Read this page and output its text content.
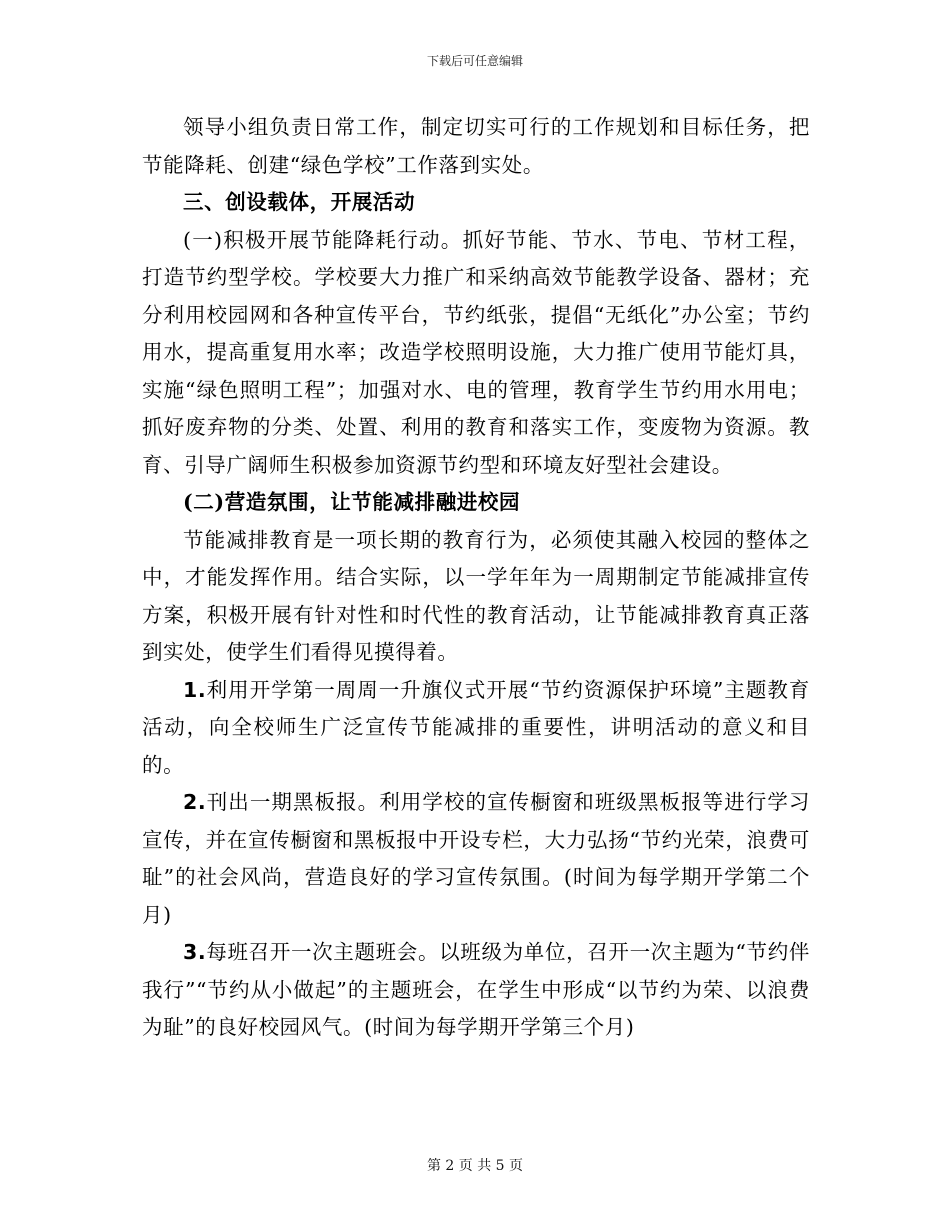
下载后可任意编辑

领导小组负责日常工作，制定切实可行的工作规划和目标任务，把节能降耗、创建“绿色学校”工作落到实处。

三、创设载体，开展活动

(一)积极开展节能降耗行动。抓好节能、节水、节电、节材工程，打造节约型学校。学校要大力推广和采纳高效节能教学设备、器材；充分利用校园网和各种宣传平台，节约纸张，提倡“无纸化”办公室；节约用水，提高重复用水率；改造学校照明设施，大力推广使用节能灯具，实施“绿色照明工程”；加强对水、电的管理，教育学生节约用水用电；抓好废弃物的分类、处置、利用的教育和落实工作，变废物为资源。教育、引导广阔师生积极参加资源节约型和环境友好型社会建设。

(二)营造氛围，让节能减排融进校园

节能减排教育是一项长期的教育行为，必须使其融入校园的整体之中，才能发挥作用。结合实际，以一学年年为一周期制定节能减排宣传方案，积极开展有针对性和时代性的教育活动，让节能减排教育真正落到实处，使学生们看得见摸得着。

1.利用开学第一周周一升旗仪式开展“节约资源保护环境”主题教育活动，向全校师生广泛宣传节能减排的重要性，讲明活动的意义和目的。

2.刊出一期黑板报。利用学校的宣传橱窗和班级黑板报等进行学习宣传，并在宣传橱窗和黑板报中开设专栏，大力弘扬“节约光荣，浪费可耻”的社会风尚，营造良好的学习宣传氛围。(时间为每学期开学第二个月)

3.每班召开一次主题班会。以班级为单位，召开一次主题为“节约伴我行”“节约从小做起”的主题班会，在学生中形成“以节约为荣、以浪费为耻”的良好校园风气。(时间为每学期开学第三个月)

第 2 页 共 5 页
